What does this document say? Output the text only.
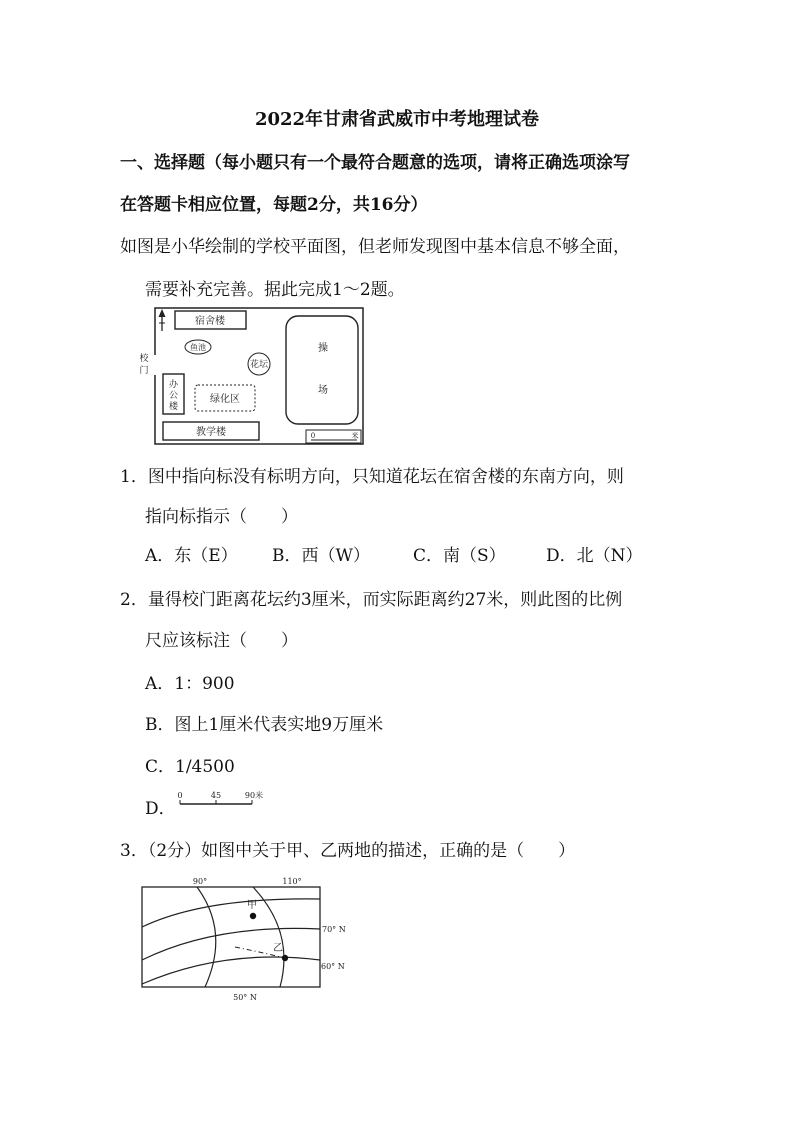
2022年甘肃省武威市中考地理试卷
一、选择题（每小题只有一个最符合题意的选项，请将正确选项涂写
在答题卡相应位置，每题2分，共16分）
如图是小华绘制的学校平面图，但老师发现图中基本信息不够全面，
需要补充完善。据此完成1～2题。
宿舍楼
鱼池
花坛
操
场
校
门
办
公
楼
绿化区
教学楼	0	米
1．图中指向标没有标明方向，只知道花坛在宿舍楼的东南方向，则
指向标指示（　　）
A．东（E） B．西（W）	C．南（S） D．北（N）
2．量得校门距离花坛约3厘米，而实际距离约27米，则此图的比例
尺应该标注（　　）
A．1：900
B．图上1厘米代表实地9万厘米
C．1/4500
D．
0	45	90米
3．（2分）如图中关于甲、乙两地的描述，正确的是（　　）
90°	110°
甲
乙
70° N
60° N
50° N
